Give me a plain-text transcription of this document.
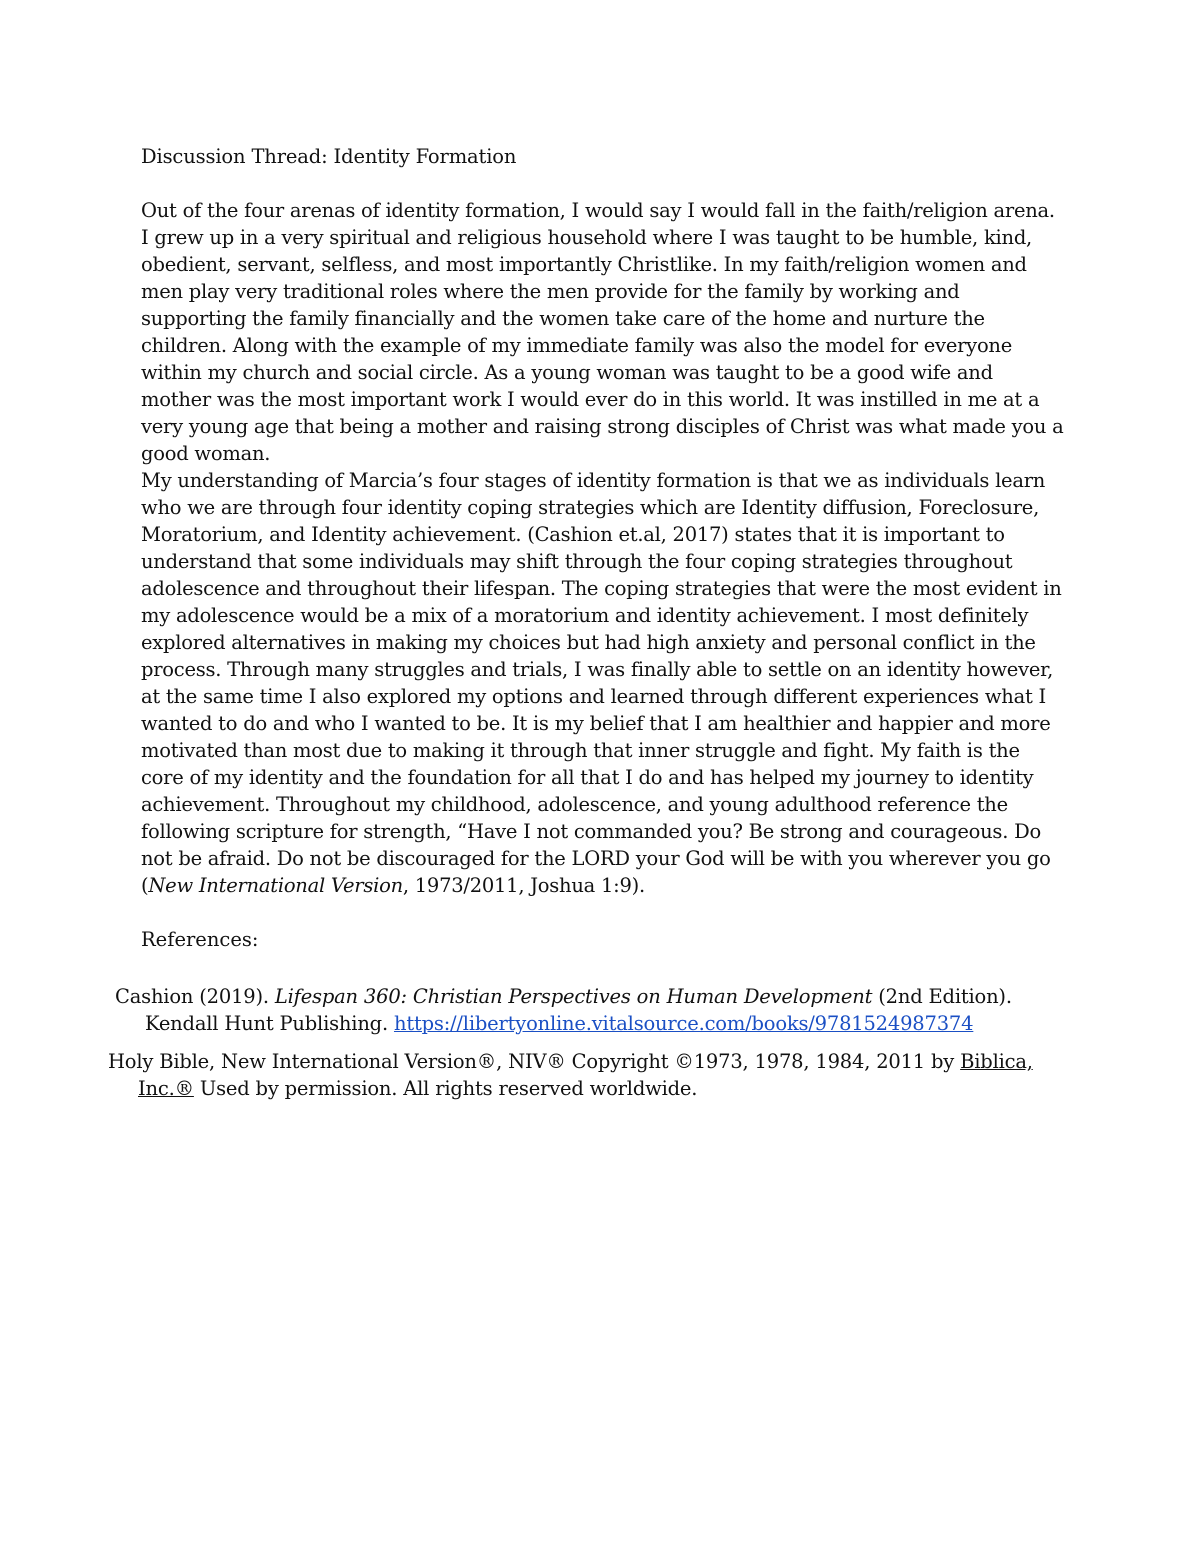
Discussion Thread: Identity Formation

Out of the four arenas of identity formation, I would say I would fall in the faith/religion arena. I grew up in a very spiritual and religious household where I was taught to be humble, kind, obedient, servant, selfless, and most importantly Christlike. In my faith/religion women and men play very traditional roles where the men provide for the family by working and supporting the family financially and the women take care of the home and nurture the children. Along with the example of my immediate family was also the model for everyone within my church and social circle. As a young woman was taught to be a good wife and mother was the most important work I would ever do in this world. It was instilled in me at a very young age that being a mother and raising strong disciples of Christ was what made you a good woman.

My understanding of Marcia’s four stages of identity formation is that we as individuals learn who we are through four identity coping strategies which are Identity diffusion, Foreclosure, Moratorium, and Identity achievement. (Cashion et.al, 2017) states that it is important to understand that some individuals may shift through the four coping strategies throughout adolescence and throughout their lifespan. The coping strategies that were the most evident in my adolescence would be a mix of a moratorium and identity achievement. I most definitely explored alternatives in making my choices but had high anxiety and personal conflict in the process. Through many struggles and trials, I was finally able to settle on an identity however, at the same time I also explored my options and learned through different experiences what I wanted to do and who I wanted to be. It is my belief that I am healthier and happier and more motivated than most due to making it through that inner struggle and fight. My faith is the core of my identity and the foundation for all that I do and has helped my journey to identity achievement. Throughout my childhood, adolescence, and young adulthood reference the following scripture for strength, “Have I not commanded you? Be strong and courageous. Do not be afraid. Do not be discouraged for the LORD your God will be with you wherever you go
(New International Version, 1973/2011, Joshua 1:9).

References:

Cashion (2019). Lifespan 360: Christian Perspectives on Human Development (2nd Edition). Kendall Hunt Publishing. https://libertyonline.vitalsource.com/books/9781524987374

Holy Bible, New International Version®, NIV® Copyright ©1973, 1978, 1984, 2011 by Biblica, Inc.® Used by permission. All rights reserved worldwide.
